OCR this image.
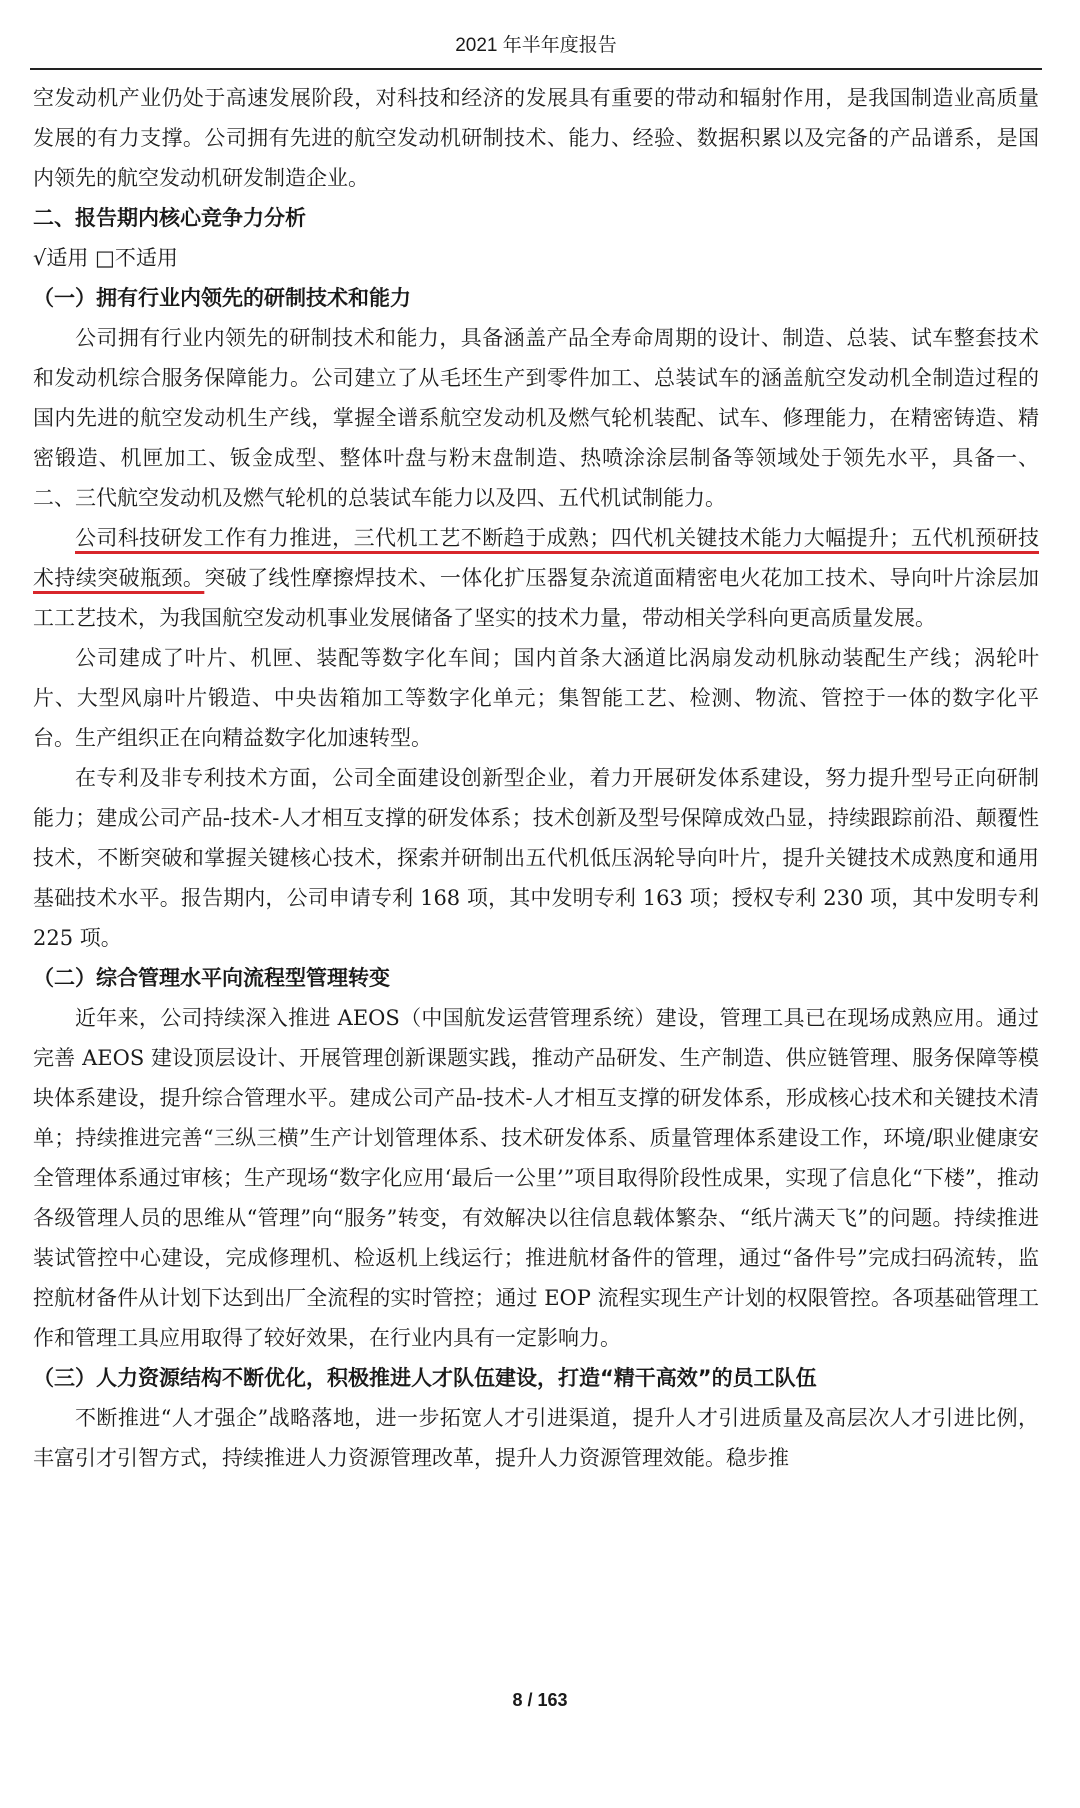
2021 年半年度报告

空发动机产业仍处于高速发展阶段，对科技和经济的发展具有重要的带动和辐射作用，是我国制造业高质量发展的有力支撑。公司拥有先进的航空发动机研制技术、能力、经验、数据积累以及完备的产品谱系，是国内领先的航空发动机研发制造企业。

二、报告期内核心竞争力分析

√适用 □不适用

（一）拥有行业内领先的研制技术和能力

公司拥有行业内领先的研制技术和能力，具备涵盖产品全寿命周期的设计、制造、总装、试车整套技术和发动机综合服务保障能力。公司建立了从毛坯生产到零件加工、总装试车的涵盖航空发动机全制造过程的国内先进的航空发动机生产线，掌握全谱系航空发动机及燃气轮机装配、试车、修理能力，在精密铸造、精密锻造、机匣加工、钣金成型、整体叶盘与粉末盘制造、热喷涂涂层制备等领域处于领先水平，具备一、二、三代航空发动机及燃气轮机的总装试车能力以及四、五代机试制能力。

公司科技研发工作有力推进，三代机工艺不断趋于成熟；四代机关键技术能力大幅提升；五代机预研技术持续突破瓶颈。突破了线性摩擦焊技术、一体化扩压器复杂流道面精密电火花加工技术、导向叶片涂层加工工艺技术，为我国航空发动机事业发展储备了坚实的技术力量，带动相关学科向更高质量发展。

公司建成了叶片、机匣、装配等数字化车间；国内首条大涵道比涡扇发动机脉动装配生产线；涡轮叶片、大型风扇叶片锻造、中央齿箱加工等数字化单元；集智能工艺、检测、物流、管控于一体的数字化平台。生产组织正在向精益数字化加速转型。

在专利及非专利技术方面，公司全面建设创新型企业，着力开展研发体系建设，努力提升型号正向研制能力；建成公司产品-技术-人才相互支撑的研发体系；技术创新及型号保障成效凸显，持续跟踪前沿、颠覆性技术，不断突破和掌握关键核心技术，探索并研制出五代机低压涡轮导向叶片，提升关键技术成熟度和通用基础技术水平。报告期内，公司申请专利 168 项，其中发明专利 163 项；授权专利 230 项，其中发明专利 225 项。

（二）综合管理水平向流程型管理转变

近年来，公司持续深入推进 AEOS（中国航发运营管理系统）建设，管理工具已在现场成熟应用。通过完善 AEOS 建设顶层设计、开展管理创新课题实践，推动产品研发、生产制造、供应链管理、服务保障等模块体系建设，提升综合管理水平。建成公司产品-技术-人才相互支撑的研发体系，形成核心技术和关键技术清单；持续推进完善“三纵三横”生产计划管理体系、技术研发体系、质量管理体系建设工作，环境/职业健康安全管理体系通过审核；生产现场“数字化应用‘最后一公里’”项目取得阶段性成果，实现了信息化“下楼”，推动各级管理人员的思维从“管理”向“服务”转变，有效解决以往信息载体繁杂、“纸片满天飞”的问题。持续推进装试管控中心建设，完成修理机、检返机上线运行；推进航材备件的管理，通过“备件号”完成扫码流转，监控航材备件从计划下达到出厂全流程的实时管控；通过 EOP 流程实现生产计划的权限管控。各项基础管理工作和管理工具应用取得了较好效果，在行业内具有一定影响力。

（三）人力资源结构不断优化，积极推进人才队伍建设，打造“精干高效”的员工队伍

不断推进“人才强企”战略落地，进一步拓宽人才引进渠道，提升人才引进质量及高层次人才引进比例，丰富引才引智方式，持续推进人力资源管理改革，提升人力资源管理效能。稳步推

8 / 163
